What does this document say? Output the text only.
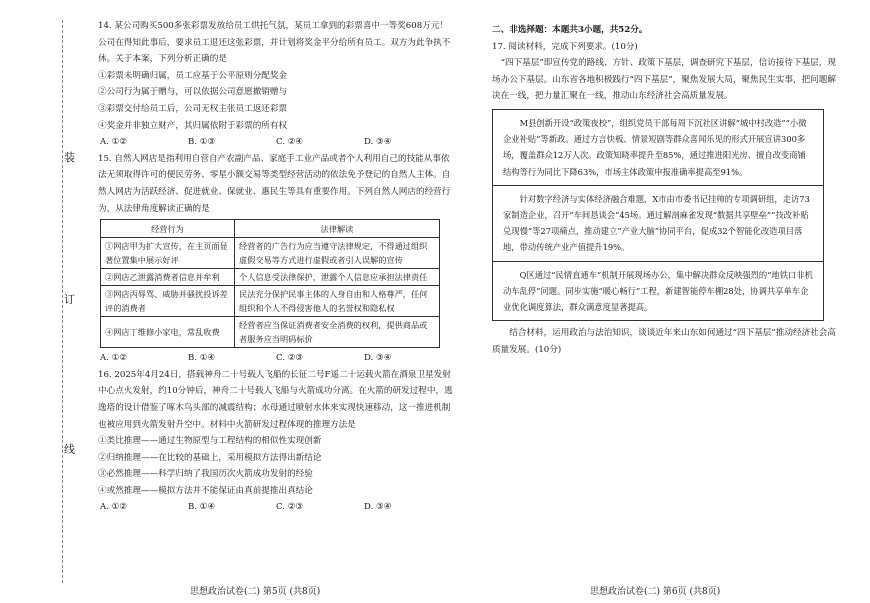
装
订
线

14. 某公司购买500多张彩票发放给员工烘托气氛，某员工拿到的彩票喜中一等奖608万元！公司在得知此事后，要求员工退还这张彩票，并计划将奖金平分给所有员工。双方为此争执不休。关于本案，下列分析正确的是

①彩票未明确归属，员工应基于公平原则分配奖金

②公司行为属于赠与，可以依据公司意愿撤销赠与

③彩票交付给员工后，公司无权主张员工返还彩票

④奖金并非独立财产，其归属依附于彩票的所有权

A. ①②	B. ①③	C. ②④	D. ③④

15. 自然人网店是指利用自营自产农副产品、家庭手工业产品或者个人利用自己的技能从事依法无须取得许可的便民劳务、零星小额交易等类型经营活动的依法免予登记的自然人主体。自然人网店为活跃经济、促进就业、保就业、惠民生等具有重要作用。下列自然人网店的经营行为，从法律角度解读正确的是

经营行为	法律解读
①网店甲为扩大宣传，在主页面显著位置集中展示好评	经营者的广告行为应当遵守法律规定，不得通过组织虚假交易等方式进行虚假或者引人误解的宣传
②网店乙泄露消费者信息并牟利	个人信息受法律保护，泄露个人信息应承担法律责任
③网店丙辱骂、威胁并骚扰投诉差评的消费者	民法充分保护民事主体的人身自由和人格尊严，任何组织和个人不得侵害他人的名誉权和隐私权
④网店丁维修小家电，常乱收费	经营者应当保证消费者安全消费的权利，提供商品或者服务应当明码标价
A. ①②	B. ①④	C. ②③	D. ③④

16. 2025年4月24日，搭载神舟二十号载人飞船的长征二号F遥二十运载火箭在酒泉卫星发射中心点火发射，约10分钟后，神舟二十号载人飞船与火箭成功分离。在火箭的研发过程中，逃逸塔的设计借鉴了啄木鸟头部的减震结构；水母通过喷射水体来实现快速移动，这一推进机制也被应用到火箭发射升空中。材料中火箭研发过程体现的推理方法是

①类比推理——通过生物原型与工程结构的相似性实现创新

②归纳推理——在比较的基础上，采用模拟方法得出新结论

③必然推理——科学归纳了我国历次火箭成功发射的经验

④或然推理——模拟方法并不能保证由真前提推出真结论

A. ①②	B. ①④	C. ②③	D. ③④
思想政治试卷(二) 第5页 (共8页)

二、非选择题：本题共3小题，共52分。

17. 阅读材料，完成下列要求。(10分)

“四下基层”即宣传党的路线、方针、政策下基层，调查研究下基层，信访接待下基层，现场办公下基层。山东省各地积极践行“四下基层”，聚焦发展大局，聚焦民生实事，把问题解决在一线，把力量汇聚在一线，推动山东经济社会高质量发展。

M县创新开设“政策夜校”，组织党员干部每周下沉社区讲解“城中村改造”“小微企业补贴”等新政。通过方言快板、情景短剧等群众喜闻乐见的形式开展宣讲300多场，覆盖群众12万人次。政策知晓率提升至85%，通过推进阳光房、擅自改变商铺结构等行为同比下降63%，市场主体政策申报准确率提高至91%。
针对数字经济与实体经济融合难题，X市由市委书记挂帅的专项调研组，走访73家制造企业，召开“车间恳谈会”45场。通过解剖麻雀发现“数据共享壁垒”“技改补贴兑现慢”等27项痛点，推动建立“产业大脑”协同平台，促成32个智能化改造项目落地，带动传统产业产值提升19%。
Q区通过“民情直通车”机制开展现场办公，集中解决群众反映强烈的“地铁口非机动车乱停”问题。同步实施“暖心畅行”工程，新建智能停车棚28处，协调共享单车企业优化调度算法，群众满意度显著提高。

结合材料，运用政治与法治知识，谈谈近年来山东如何通过“四下基层”推动经济社会高质量发展。(10分)

思想政治试卷(二) 第6页 (共8页)
